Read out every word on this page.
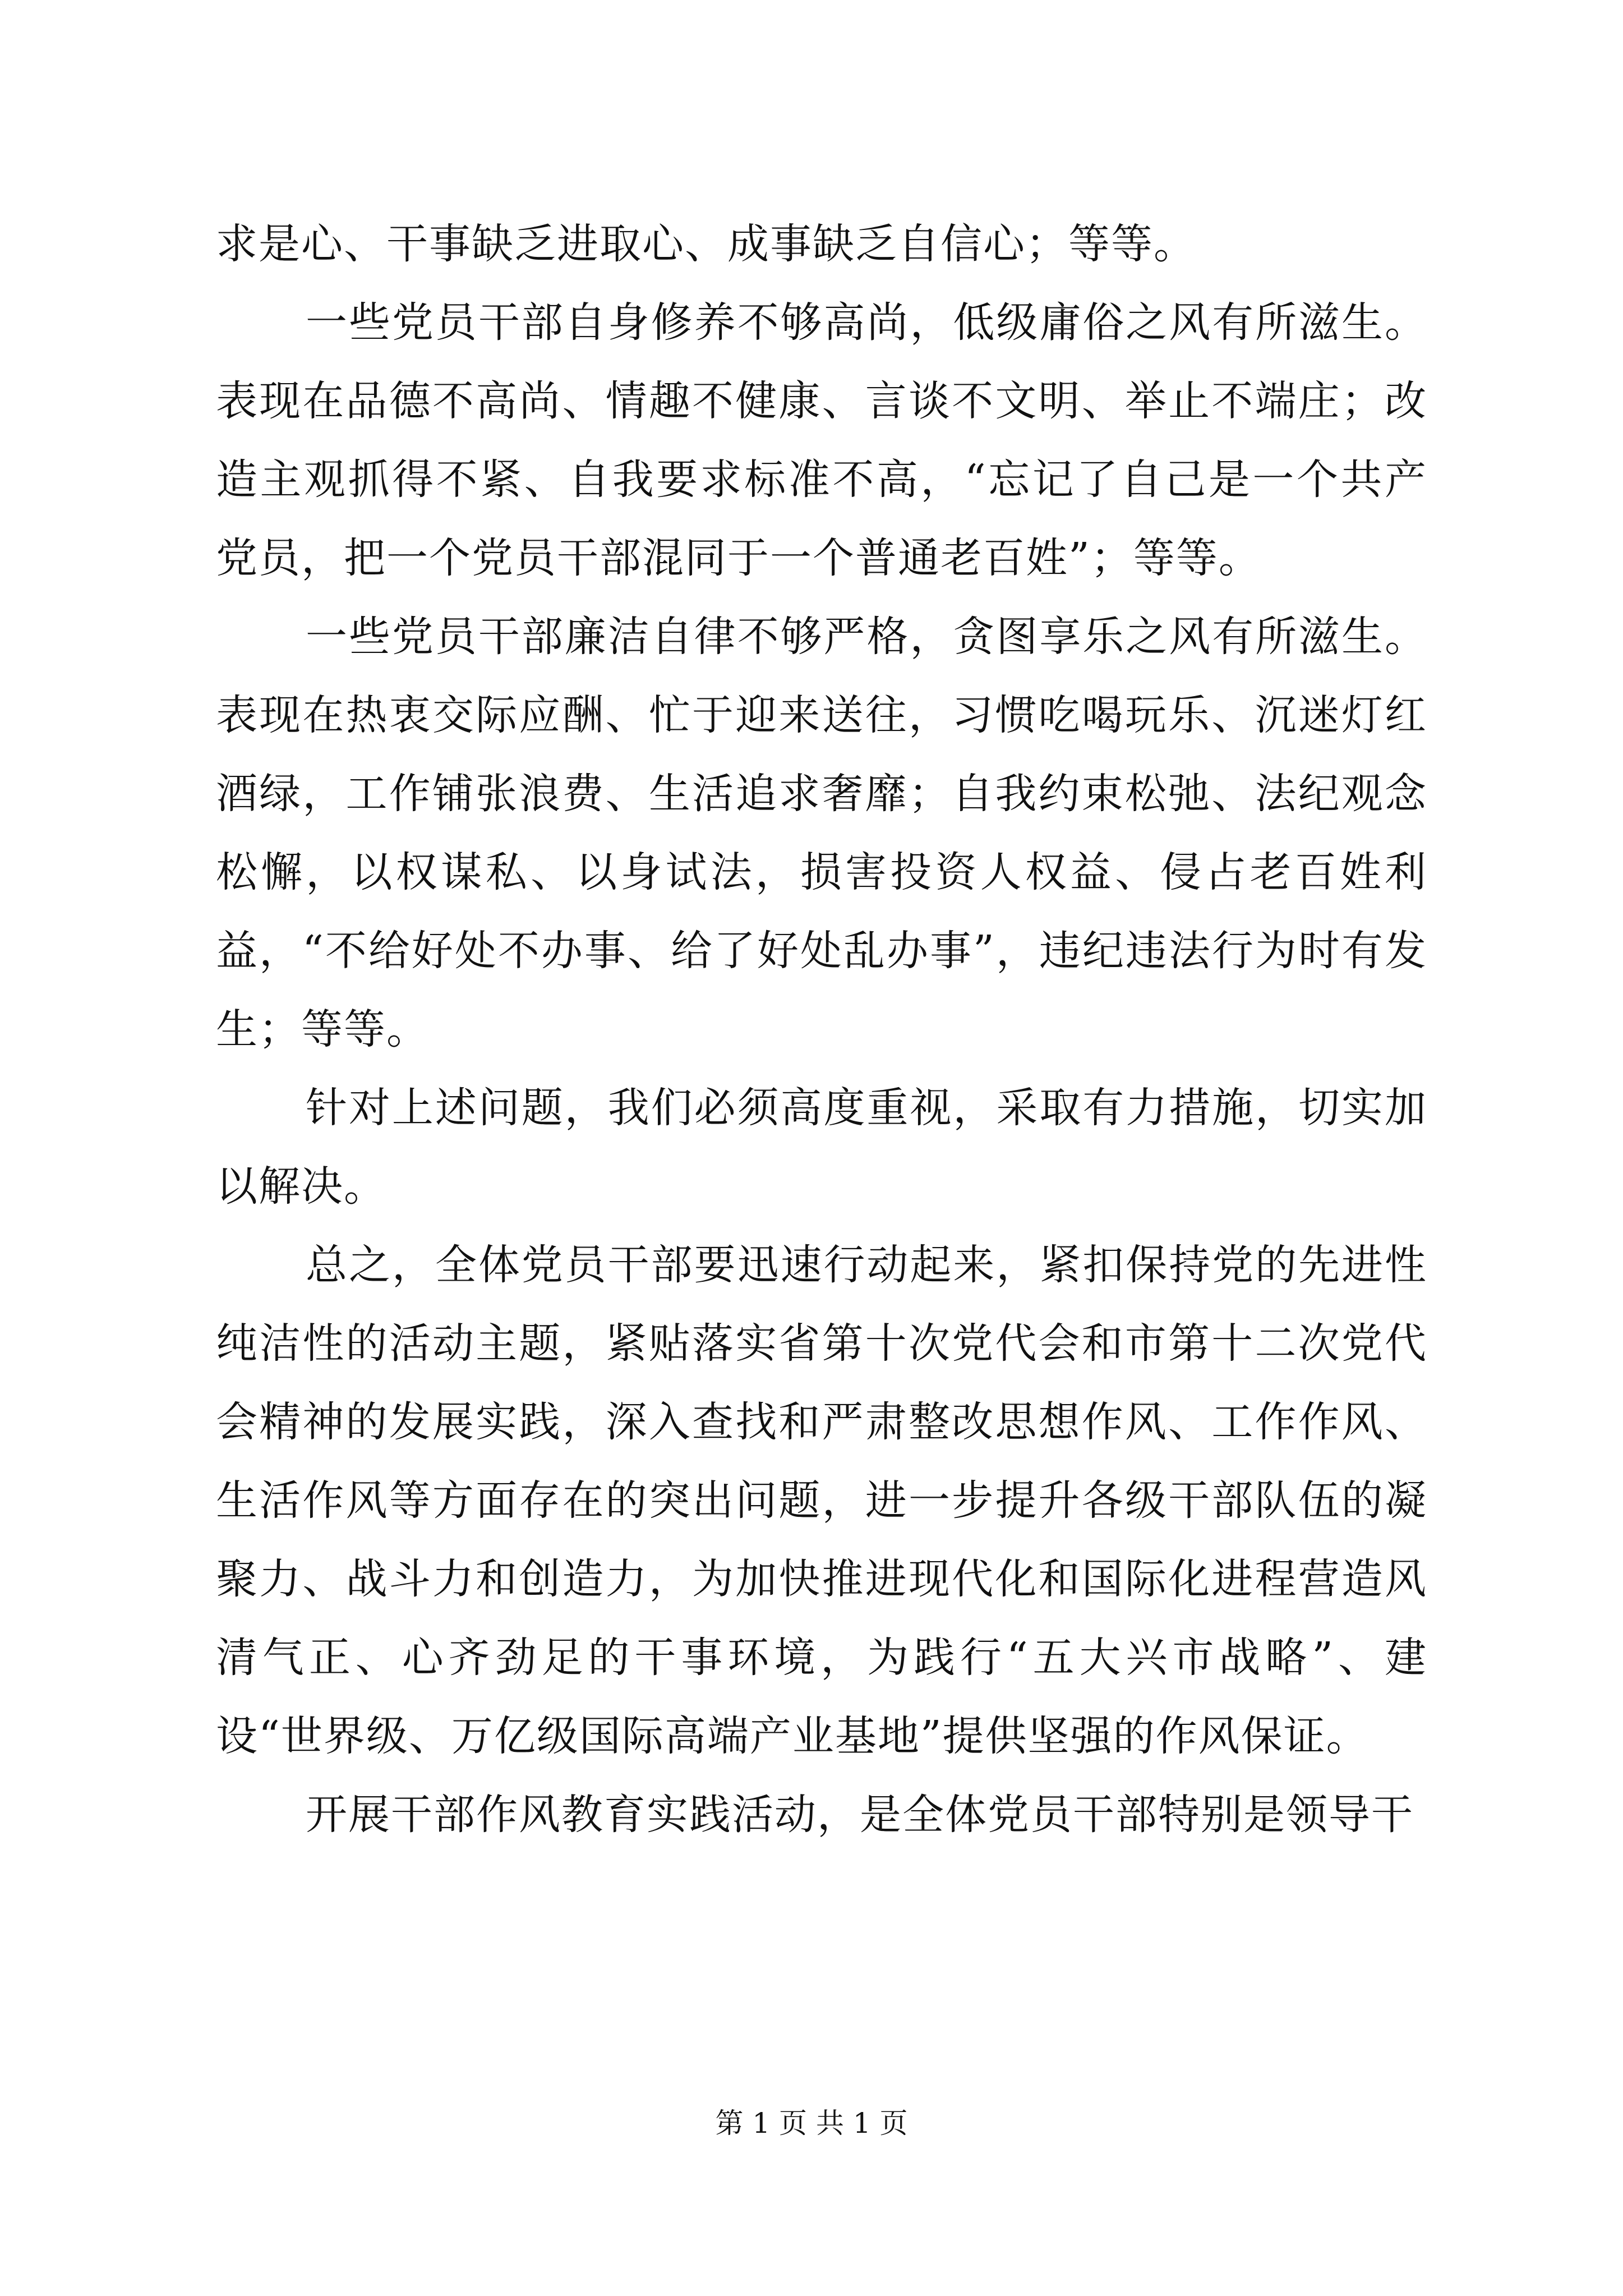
求是心、干事缺乏进取心、成事缺乏自信心；等等。

一些党员干部自身修养不够高尚，低级庸俗之风有所滋生。表现在品德不高尚、情趣不健康、言谈不文明、举止不端庄；改造主观抓得不紧、自我要求标准不高，“忘记了自己是一个共产党员，把一个党员干部混同于一个普通老百姓”；等等。

一些党员干部廉洁自律不够严格，贪图享乐之风有所滋生。表现在热衷交际应酬、忙于迎来送往，习惯吃喝玩乐、沉迷灯红酒绿，工作铺张浪费、生活追求奢靡；自我约束松弛、法纪观念松懈，以权谋私、以身试法，损害投资人权益、侵占老百姓利益，“不给好处不办事、给了好处乱办事”，违纪违法行为时有发生；等等。

针对上述问题，我们必须高度重视，采取有力措施，切实加以解决。

总之，全体党员干部要迅速行动起来，紧扣保持党的先进性纯洁性的活动主题，紧贴落实省第十次党代会和市第十二次党代会精神的发展实践，深入查找和严肃整改思想作风、工作作风、生活作风等方面存在的突出问题，进一步提升各级干部队伍的凝聚力、战斗力和创造力，为加快推进现代化和国际化进程营造风清气正、心齐劲足的干事环境，为践行“五大兴市战略”、建设“世界级、万亿级国际高端产业基地”提供坚强的作风保证。

开展干部作风教育实践活动，是全体党员干部特别是领导干

第 1 页 共 1 页
